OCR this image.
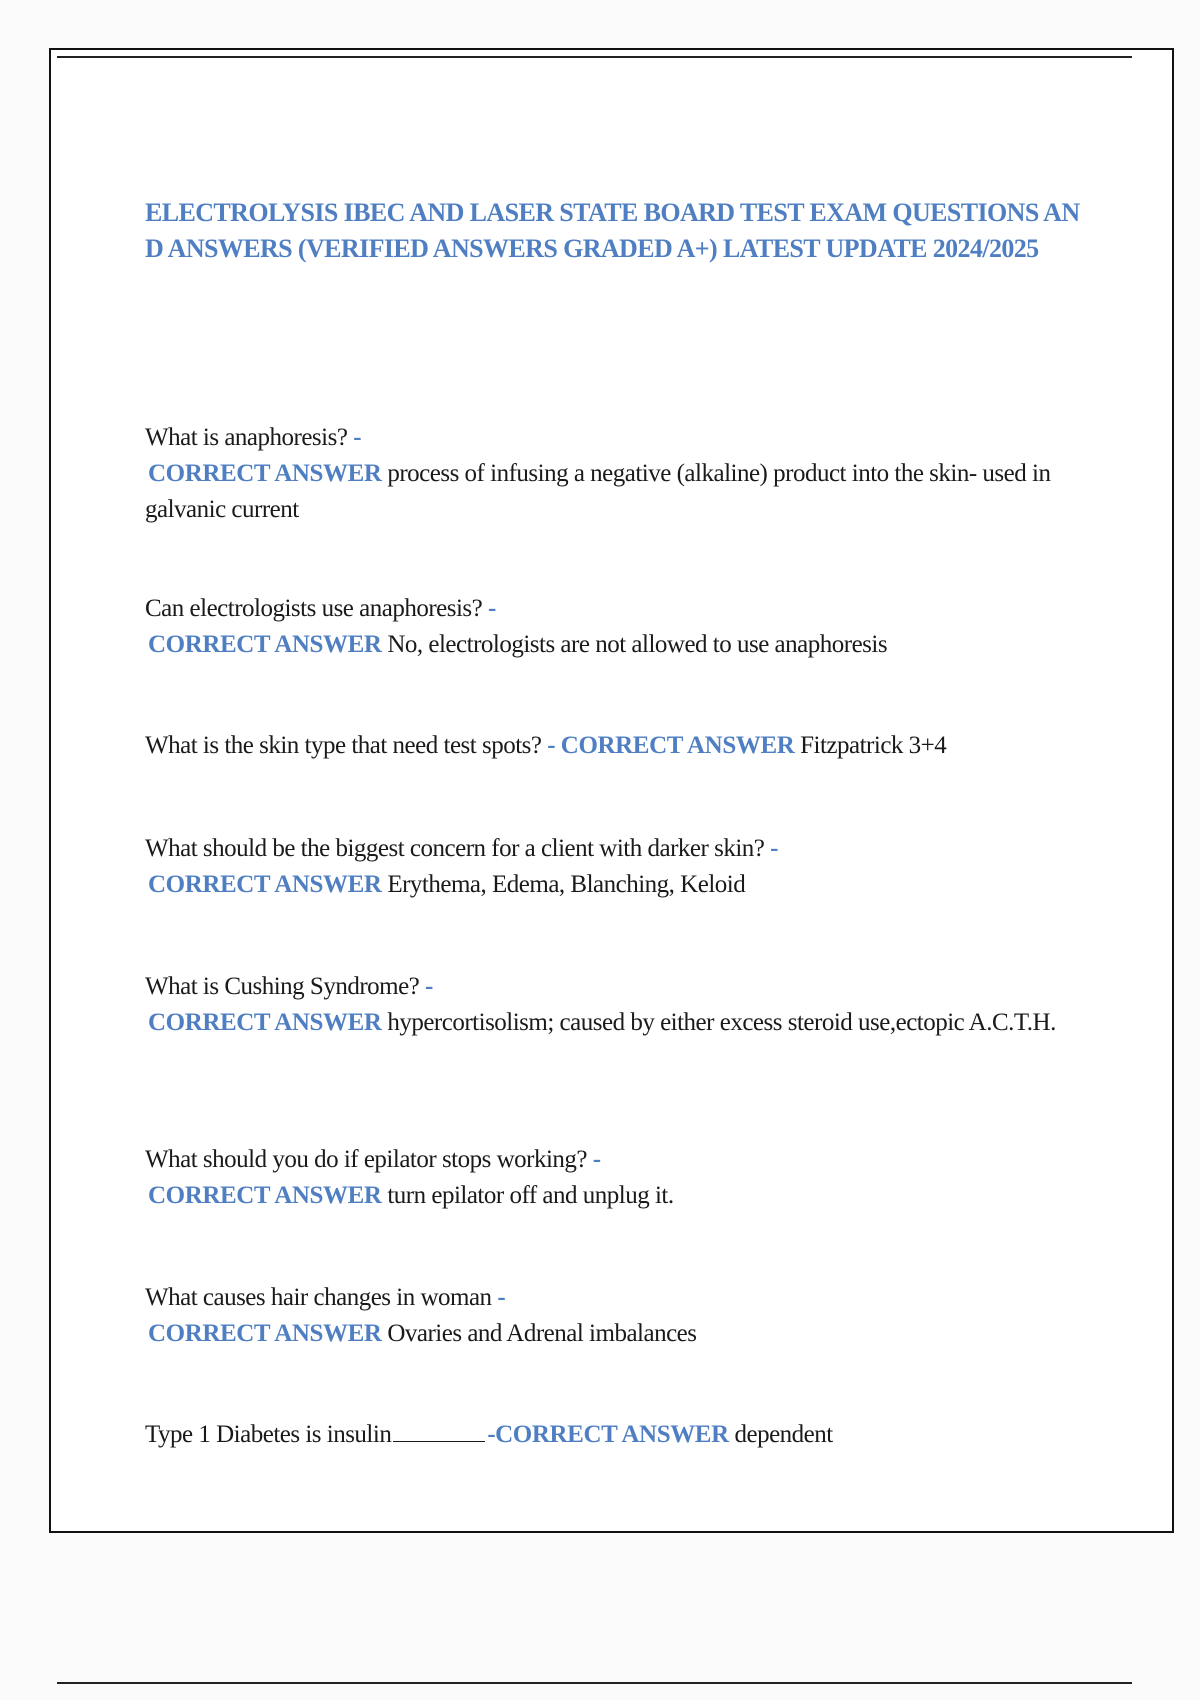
ELECTROLYSIS IBEC AND LASER STATE BOARD TEST EXAM QUESTIONS AND ANSWERS (VERIFIED ANSWERS GRADED A+) LATEST UPDATE 2024/2025
What is anaphoresis? -
CORRECT ANSWER process of infusing a negative (alkaline) product into the skin- used in galvanic current
Can electrologists use anaphoresis? -
CORRECT ANSWER No, electrologists are not allowed to use anaphoresis
What is the skin type that need test spots? - CORRECT ANSWER Fitzpatrick 3+4
What should be the biggest concern for a client with darker skin? -
CORRECT ANSWER Erythema, Edema, Blanching, Keloid
What is Cushing Syndrome? -
CORRECT ANSWER hypercortisolism; caused by either excess steroid use,ectopic A.C.T.H.
What should you do if epilator stops working? -
CORRECT ANSWER turn epilator off and unplug it.
What causes hair changes in woman -
CORRECT ANSWER Ovaries and Adrenal imbalances
Type 1 Diabetes is insulin	-CORRECT ANSWER dependent
